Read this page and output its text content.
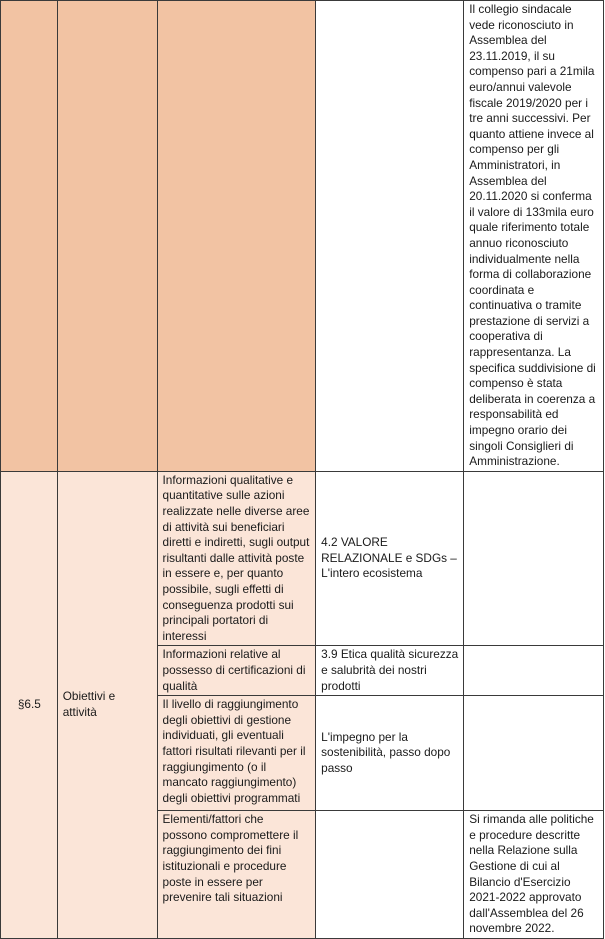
				Il collegio sindacale vede riconosciuto in Assemblea del 23.11.2019, il su compenso pari a 21mila euro/annui valevole fiscale 2019/2020 per i tre anni successivi. Per quanto attiene invece al compenso per gli Amministratori, in Assemblea del 20.11.2020 si conferma il valore di 133mila euro quale riferimento totale annuo riconosciuto individualmente nella forma di collaborazione coordinata e continuativa o tramite prestazione di servizi a cooperativa di rappresentanza. La specifica suddivisione di compenso è stata deliberata in coerenza a responsabilità ed impegno orario dei singoli Consiglieri di Amministrazione.
§6.5	Obiettivi e attività	Informazioni qualitative e quantitative sulle azioni realizzate nelle diverse aree di attività sui beneficiari diretti e indiretti, sugli output risultanti dalle attività poste in essere e, per quanto possibile, sugli effetti di conseguenza prodotti sui principali portatori di interessi	4.2 VALORE RELAZIONALE e SDGs – L'intero ecosistema	
		Informazioni relative al possesso di certificazioni di qualità	3.9 Etica qualità sicurezza e salubrità dei nostri prodotti	
		Il livello di raggiungimento degli obiettivi di gestione individuati, gli eventuali fattori risultati rilevanti per il raggiungimento (o il mancato raggiungimento) degli obiettivi programmati	L'impegno per la sostenibilità, passo dopo passo	
		Elementi/fattori che possono compromettere il raggiungimento dei fini istituzionali e procedure poste in essere per prevenire tali situazioni		Si rimanda alle politiche e procedure descritte nella Relazione sulla Gestione di cui al Bilancio d'Esercizio 2021-2022 approvato dall'Assemblea del 26 novembre 2022.
